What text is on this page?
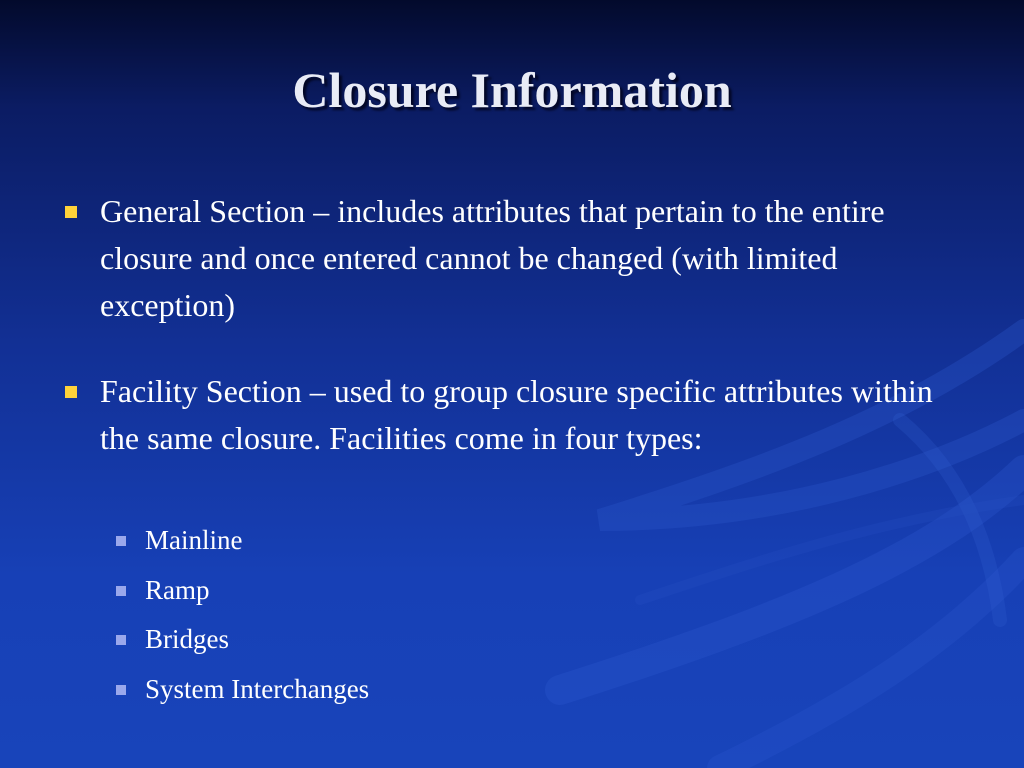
Closure Information
General Section – includes attributes that pertain to the entire closure and once entered cannot be changed (with limited exception)
Facility Section – used to group closure specific attributes within the same closure. Facilities come in four types:
Mainline
Ramp
Bridges
System Interchanges
